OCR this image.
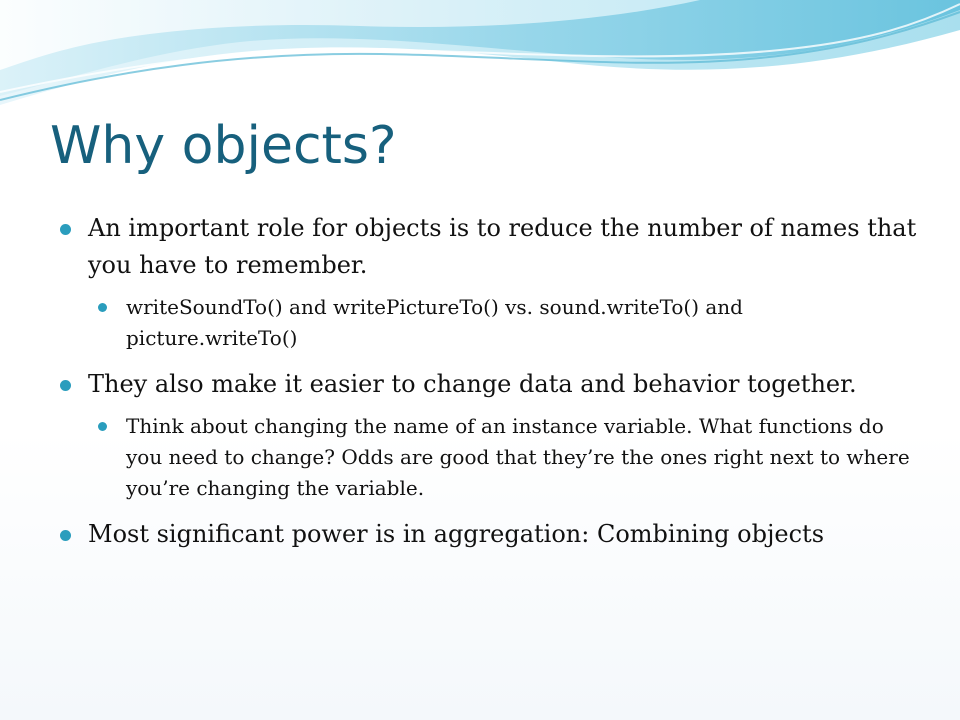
Why objects?
An important role for objects is to reduce the number of names that you have to remember.
writeSoundTo() and writePictureTo() vs. sound.writeTo() and picture.writeTo()
They also make it easier to change data and behavior together.
Think about changing the name of an instance variable. What functions do you need to change? Odds are good that they’re the ones right next to where you’re changing the variable.
Most significant power is in aggregation: Combining objects
